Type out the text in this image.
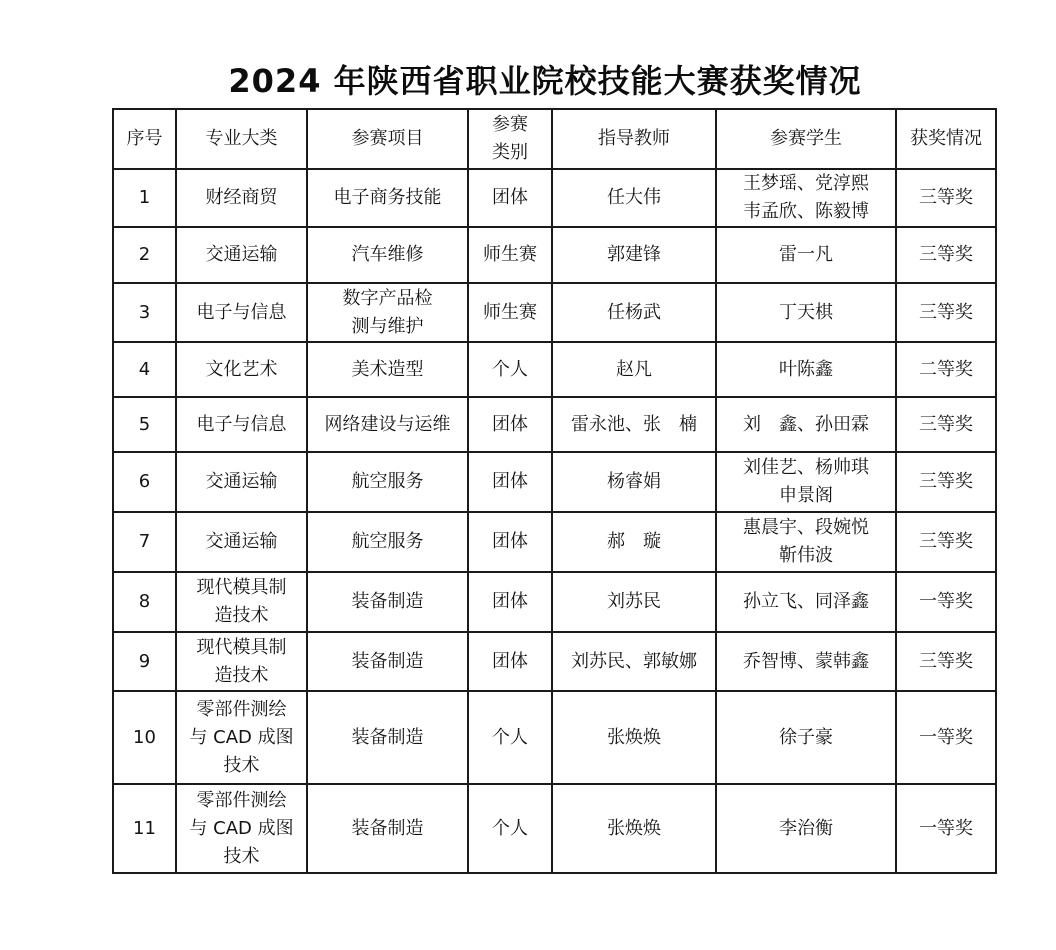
2024 年陕西省职业院校技能大赛获奖情况
序号	专业大类	参赛项目	参赛
类别	指导教师	参赛学生	获奖情况
1	财经商贸	电子商务技能	团体	任大伟	王梦瑶、党淳熙
韦孟欣、陈毅博	三等奖
2	交通运输	汽车维修	师生赛	郭建锋	雷一凡	三等奖
3	电子与信息	数字产品检
测与维护	师生赛	任杨武	丁天棋	三等奖
4	文化艺术	美术造型	个人	赵凡	叶陈鑫	二等奖
5	电子与信息	网络建设与运维	团体	雷永池、张　楠	刘　鑫、孙田霖	三等奖
6	交通运输	航空服务	团体	杨睿娟	刘佳艺、杨帅琪
申景阁	三等奖
7	交通运输	航空服务	团体	郝　璇	惠晨宇、段婉悦
靳伟波	三等奖
8	现代模具制
造技术	装备制造	团体	刘苏民	孙立飞、同泽鑫	一等奖
9	现代模具制
造技术	装备制造	团体	刘苏民、郭敏娜	乔智博、蒙韩鑫	三等奖
10	零部件测绘
与 CAD 成图
技术	装备制造	个人	张焕焕	徐子豪	一等奖
11	零部件测绘
与 CAD 成图
技术	装备制造	个人	张焕焕	李治衡	一等奖
